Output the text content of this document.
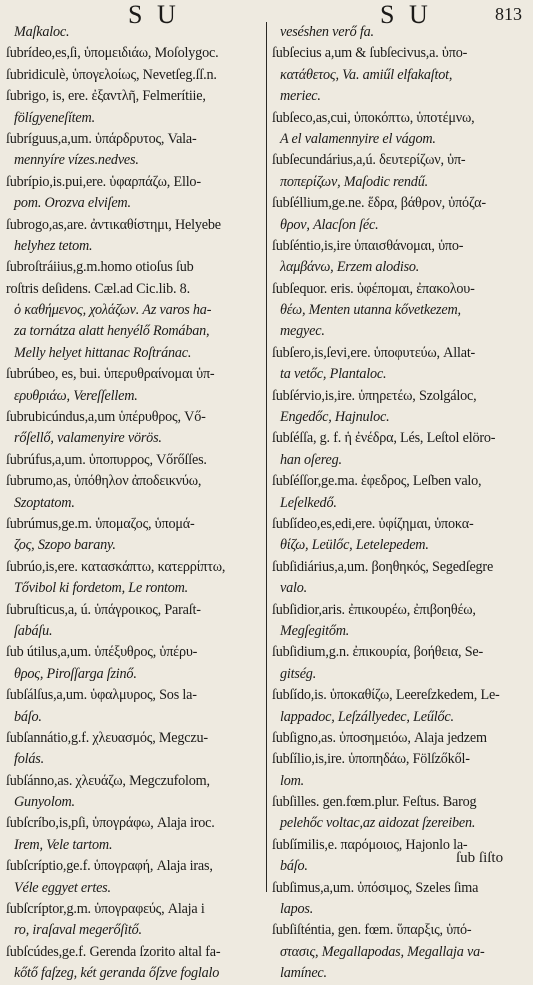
S U	S U	813
Maſkaloc.
ſubrídeo,es,ſi, ὑπομειδιάω, Moſolygoc.
ſubridiculè, ὑπογελοίως, Nevetſeg.ſſ.n.
ſubrigo, is, ere. ἐξαντλῆ, Felmerítiie,
fölígyeneſítem.
ſubríguus,a,um. ὑπάρδρυτος, Vala-
mennyíre vízes.nedves.
ſubrípio,is.pui,ere. ὑφαρπάζω, Ello-
pom. Orozva elviſem.
ſubrogo,as,are. ἀντικαθίστημι, Helyebe
helyhez tetom.
ſubroſtráiius,g.m.homo otioſus ſub
roſtris deſidens. Cæl.ad Cic.lib. 8.
ὁ καθήμενος, χολάζων. Az varos ha-
za tornátza alatt henyélő Romában,
Melly helyet hittanac Roſtránac.
ſubrúbeo, es, bui. ὑπερυθραίνομαι ὑπ-
ερυθριάω, Vereſſellem.
ſubrubicúndus,a,um ὑπέρυθρος, Vő-
rőſellő, valamenyire vörös.
ſubrúfus,a,um. ὑποπυρρος, Vőrőſſes.
ſubrumo,as, ὑπόθηλον ἀποδεικνύω,
Szoptatom.
ſubrúmus,ge.m. ὑπομαζος, ὑπομά-
ζος, Szopo barany.
ſubrúo,is,ere. κατασκάπτω, κατερρίπτω,
Tővibol ki fordetom, Le rontom.
ſubruſticus,a, ú. ὑπάγροικος, Paraſt-
ſabáſu.
ſub útilus,a,um. ὑπέξυθρος, ὑπέρυ-
θρος, Piroſſarga ſzinő.
ſubſálſus,a,um. ὑφαλμυρος, Sos la-
báſo.
ſubſannátio,g.f. χλευασμός, Megczu-
folás.
ſubſánno,as. χλευάζω, Megczufolom,
Gunyolom.
ſubſcríbo,is,pſi, ὑπογράφω, Alaja iroc.
Irem, Vele tartom.
ſubſcríptio,ge.f. ὑπογραφή, Alaja iras,
Véle eggyet ertes.
ſubſcríptor,g.m. ὑπογραφεύς, Alaja i
ro, iraſaval megerőſitő.
ſubſcúdes,ge.f. Gerenda ſzorito altal fa-
kőtő faſzeg, két geranda őſzve foglalo
veséshen verő fa.
ſubſecius a,um & ſubſecivus,a. ὑπο-
κατάθετος, Va. amiűl elfakaſtot,
meriec.
ſubſeco,as,cui, ὑποκόπτω, ὑποτέμνω,
A el valamennyire el vágom.
ſubſecundárius,a,ú. δευτερίζων, ὑπ-
ποπερίζων, Maſodic rendű.
ſubſéllium,ge.ne. ἕδρα, βάθρον, ὑπόζα-
θρον, Alacſon ſéc.
ſubſéntio,is,ire ὑπαισθάνομαι, ὑπο-
λαμβάνω, Erzem alodiso.
ſubſequor. eris. ὑφέπομαι, ἐπακολου-
θέω, Menten utanna kővetkezem,
megyec.
ſubſero,is,ſevi,ere. ὑποφυτεύω, Allat-
ta vetőc, Plantaloc.
ſubſérvio,is,ire. ὑπηρετέω, Szolgáloc,
Engedőc, Hajnuloc.
ſubſéſſa, g. f. ἡ ἐνέδρα, Lés, Leſtol elöro-
han oſereg.
ſubſéſſor,ge.ma. ἐφεδρος, Leſben valo,
Leſelkedő.
ſubſídeo,es,edi,ere. ὑφίζημαι, ὑποκα-
θίζω, Leülőc, Letelepedem.
ſubſidiárius,a,um. βοηθηκός, Segedſegre
valo.
ſubſidior,aris. ἐπικουρέω, ἐπιβοηθέω,
Megſegitőm.
ſubſidium,g.n. ἐπικουρία, βοήθεια, Se-
gitség.
ſubſído,is. ὑποκαθίζω, Leereſzkedem, Le-
lappadoc, Leſzállyedec, Leűlőc.
ſubſigno,as. ὑποσημειόω, Alaja jedzem
ſubſílio,is,ire. ὑποπηδάω, Fölſzőkől-
lom.
ſubſilles. gen.fœm.plur. Feſtus. Barog
pelehőc voltac,az aidozat ſzereiben.
ſubſímilis,e. παρόμοιος, Hajonlo la-
báſo.
ſubſimus,a,um. ὑπόσιμος, Szeles ſima
lapos.
ſubſiſténtia, gen. fœm. ὕπαρξις, ὑπό-
στασις, Megallapodas, Megallaja va-
lamínec.
ſub ſiſto
